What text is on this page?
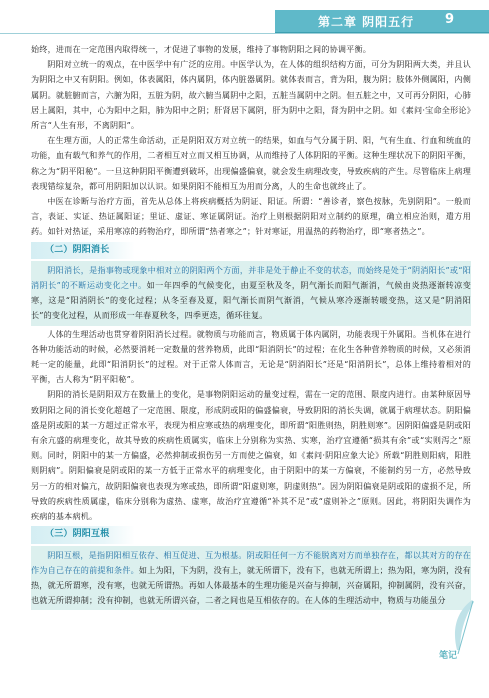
第二章 阴阳五行 9

始终，进而在一定范围内取得统一，才促进了事物的发展，维持了事物阴阳之间的协调平衡。

阴阳对立统一的观点，在中医学中有广泛的应用。中医学认为，在人体的组织结构方面，可分为阴阳两大类，并且认为阴阳之中又有阴阳。例如，体表属阳，体内属阴，体内脏器属阴。就体表而言，背为阳，腹为阴；肢体外侧属阳，内侧属阴。就脏腑而言，六腑为阳，五脏为阴，故六腑当属阴中之阳，五脏当属阴中之阴。但五脏之中，又可再分阴阳，心肺居上属阳，其中，心为阳中之阳，肺为阳中之阴；肝肾居下属阴，肝为阴中之阳，肾为阴中之阴。如《素问·宝命全形论》所言“人生有形，不离阴阳”。

在生理方面，人的正常生命活动，正是阴阳双方对立统一的结果，如血与气分属于阴、阳，气有生血、行血和统血的功能，血有载气和养气的作用，二者相互对立而又相互协调，从而维持了人体阴阳的平衡。这种生理状况下的阴阳平衡，称之为“阴平阳秘”。一旦这种阴阳平衡遭到破坏，出现偏盛偏衰，就会发生病理改变，导致疾病的产生。尽管临床上病理表现错综复杂，都可用阴阳加以认识。如果阴阳不能相互为用而分离，人的生命也就终止了。

中医在诊断与治疗方面，首先从总体上将疾病概括为阴证、阳证。所谓：“善诊者，察色按脉，先别阴阳”。一般而言，表证、实证、热证属阳证；里证、虚证、寒证属阴证。治疗上则根据阴阳对立制约的原理，确立相应治则，遣方用药。如针对热证，采用寒凉的药物治疗，即所谓“热者寒之”；针对寒证，用温热的药物治疗，即“寒者热之”。

（二）阴阳消长

阴阳消长，是指事物或现象中相对立的阴阳两个方面，并非是处于静止不变的状态，而始终是处于“阴消阳长”或“阳消阴长”的不断运动变化之中。如一年四季的气候变化，由夏至秋及冬，阴气渐长而阳气渐消，气候由炎热逐渐转凉变寒，这是“阳消阴长”的变化过程；从冬至春及夏，阳气渐长而阴气渐消，气候从寒冷逐渐转暖变热，这又是“阴消阳长”的变化过程，从而形成一年春夏秋冬，四季更迭，循环往复。

人体的生理活动也贯穿着阴阳消长过程。就物质与功能而言，物质属于体内属阴，功能表现于外属阳。当机体在进行各种功能活动的时候，必然要消耗一定数量的营养物质，此即“阳消阴长”的过程；在化生各种营养物质的时候，又必须消耗一定的能量，此即“阳消阴长”的过程。对于正常人体而言，无论是“阴消阳长”还是“阳消阴长”，总体上维持着相对的平衡，古人称为“阴平阳秘”。

阴阳的消长是阴阳双方在数量上的变化，是事物阴阳运动的量变过程，需在一定的范围、限度内进行。由某种原因导致阴阳之间的消长变化超越了一定范围、限度，形成阴或阳的偏盛偏衰，导致阴阳的消长失调，就属于病理状态。阴阳偏盛是阴或阳的某一方超过正常水平，表现为相应寒或热的病理变化，即所谓“阳胜则热，阴胜则寒”。因阴阳偏盛是阴或阳有余亢盛的病理变化，故其导致的疾病性质属实，临床上分别称为实热、实寒，治疗宜遵循“损其有余”或“实则泻之”原则。同时，阴阳中的某一方偏盛，必然抑制或损伤另一方而使之偏衰，如《素问·阴阳应象大论》所载“阴胜则阳病，阳胜则阴病”。阴阳偏衰是阴或阳的某一方低于正常水平的病理变化，由于阴阳中的某一方偏衰，不能制约另一方，必然导致另一方的相对偏亢，故阴阳偏衰也表现为寒或热，即所谓“阳虚则寒，阴虚则热”。因为阴阳偏衰是阴或阳的虚损不足，所导致的疾病性质属虚，临床分别称为虚热、虚寒，故治疗宜遵循“补其不足”或“虚则补之”原则。因此，将阴阳失调作为疾病的基本病机。

（三）阴阳互根

阴阳互根，是指阴阳相互依存、相互促进、互为根基。阴或阳任何一方不能脱离对方而单独存在，都以其对方的存在作为自己存在的前提和条件。如上为阳，下为阴，没有上，就无所谓下，没有下，也就无所谓上；热为阳，寒为阴，没有热，就无所谓寒，没有寒，也就无所谓热。再如人体最基本的生理功能是兴奋与抑制，兴奋属阳，抑制属阴，没有兴奋，也就无所谓抑制；没有抑制，也就无所谓兴奋，二者之间也是互相依存的。在人体的生理活动中，物质与功能虽分

笔记
